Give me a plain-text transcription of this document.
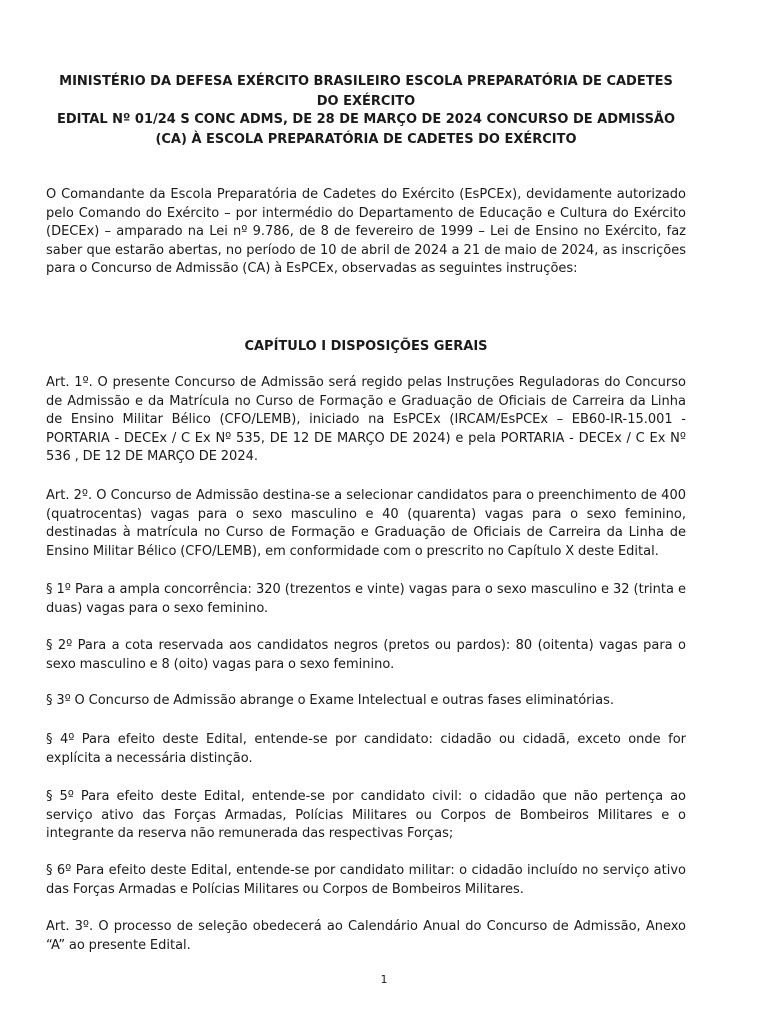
MINISTÉRIO DA DEFESA EXÉRCITO BRASILEIRO ESCOLA PREPARATÓRIA DE CADETES DO EXÉRCITO

EDITAL Nº 01/24 S CONC ADMS, DE 28 DE MARÇO DE 2024 CONCURSO DE ADMISSÃO (CA) À ESCOLA PREPARATÓRIA DE CADETES DO EXÉRCITO

O Comandante da Escola Preparatória de Cadetes do Exército (EsPCEx), devidamente autorizado pelo Comando do Exército – por intermédio do Departamento de Educação e Cultura do Exército (DECEx) – amparado na Lei nº 9.786, de 8 de fevereiro de 1999 – Lei de Ensino no Exército, faz saber que estarão abertas, no período de 10 de abril de 2024 a 21 de maio de 2024, as inscrições para o Concurso de Admissão (CA) à EsPCEx, observadas as seguintes instruções:

CAPÍTULO I DISPOSIÇÕES GERAIS

Art. 1º. O presente Concurso de Admissão será regido pelas Instruções Reguladoras do Concurso de Admissão e da Matrícula no Curso de Formação e Graduação de Oficiais de Carreira da Linha de Ensino Militar Bélico (CFO/LEMB), iniciado na EsPCEx (IRCAM/EsPCEx – EB60-IR-15.001 - PORTARIA - DECEx / C Ex Nº 535, DE 12 DE MARÇO DE 2024) e pela PORTARIA - DECEx / C Ex Nº 536 , DE 12 DE MARÇO DE 2024.

Art. 2º. O Concurso de Admissão destina-se a selecionar candidatos para o preenchimento de 400 (quatrocentas) vagas para o sexo masculino e 40 (quarenta) vagas para o sexo feminino, destinadas à matrícula no Curso de Formação e Graduação de Oficiais de Carreira da Linha de Ensino Militar Bélico (CFO/LEMB), em conformidade com o prescrito no Capítulo X deste Edital.

§ 1º Para a ampla concorrência: 320 (trezentos e vinte) vagas para o sexo masculino e 32 (trinta e duas) vagas para o sexo feminino.

§ 2º Para a cota reservada aos candidatos negros (pretos ou pardos): 80 (oitenta) vagas para o sexo masculino e 8 (oito) vagas para o sexo feminino.

§ 3º O Concurso de Admissão abrange o Exame Intelectual e outras fases eliminatórias.

§ 4º Para efeito deste Edital, entende-se por candidato: cidadão ou cidadã, exceto onde for explícita a necessária distinção.

§ 5º Para efeito deste Edital, entende-se por candidato civil: o cidadão que não pertença ao serviço ativo das Forças Armadas, Polícias Militares ou Corpos de Bombeiros Militares e o integrante da reserva não remunerada das respectivas Forças;

§ 6º Para efeito deste Edital, entende-se por candidato militar: o cidadão incluído no serviço ativo das Forças Armadas e Polícias Militares ou Corpos de Bombeiros Militares.

Art. 3º. O processo de seleção obedecerá ao Calendário Anual do Concurso de Admissão, Anexo “A” ao presente Edital.

1
